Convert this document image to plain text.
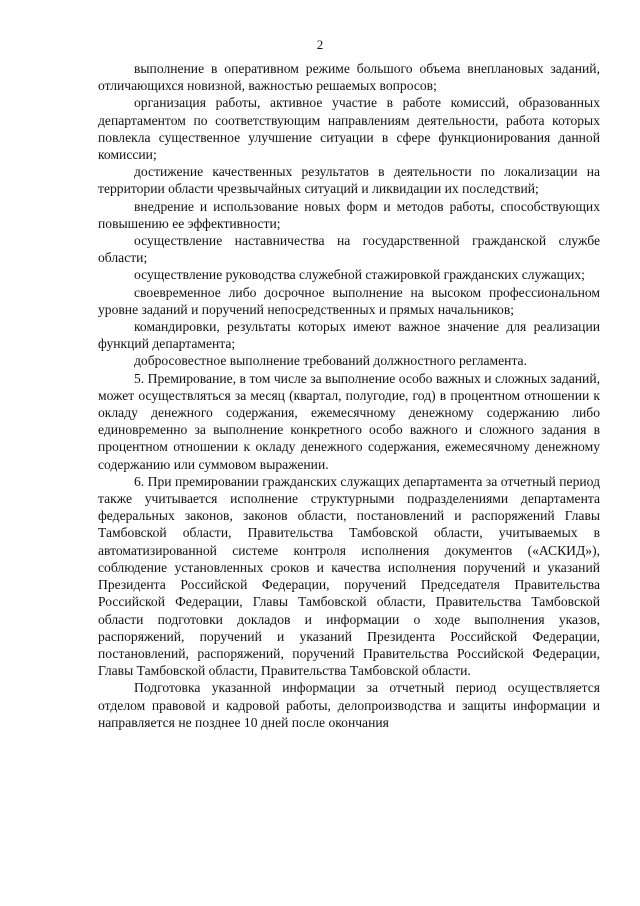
2

выполнение в оперативном режиме большого объема внеплановых заданий, отличающихся новизной, важностью решаемых вопросов;

организация работы, активное участие в работе комиссий, образованных департаментом по соответствующим направлениям деятельности, работа которых повлекла существенное улучшение ситуации в сфере функционирования данной комиссии;

достижение качественных результатов в деятельности по локализации на территории области чрезвычайных ситуаций и ликвидации их последствий;

внедрение и использование новых форм и методов работы, способствующих повышению ее эффективности;

осуществление наставничества на государственной гражданской службе области;

осуществление руководства служебной стажировкой гражданских служащих;

своевременное либо досрочное выполнение на высоком профессиональном уровне заданий и поручений непосредственных и прямых начальников;

командировки, результаты которых имеют важное значение для реализации функций департамента;

добросовестное выполнение требований должностного регламента.

5. Премирование, в том числе за выполнение особо важных и сложных заданий, может осуществляться за месяц (квартал, полугодие, год) в процентном отношении к окладу денежного содержания, ежемесячному денежному содержанию либо единовременно за выполнение конкретного особо важного и сложного задания в процентном отношении к окладу денежного содержания, ежемесячному денежному содержанию или суммовом выражении.

6. При премировании гражданских служащих департамента за отчетный период также учитывается исполнение структурными подразделениями департамента федеральных законов, законов области, постановлений и распоряжений Главы Тамбовской области, Правительства Тамбовской области, учитываемых в автоматизированной системе контроля исполнения документов («АСКИД»), соблюдение установленных сроков и качества исполнения поручений и указаний Президента Российской Федерации, поручений Председателя Правительства Российской Федерации, Главы Тамбовской области, Правительства Тамбовской области подготовки докладов и информации о ходе выполнения указов, распоряжений, поручений и указаний Президента Российской Федерации, постановлений, распоряжений, поручений Правительства Российской Федерации, Главы Тамбовской области, Правительства Тамбовской области.

Подготовка указанной информации за отчетный период осуществляется отделом правовой и кадровой работы, делопроизводства и защиты информации и направляется не позднее 10 дней после окончания
